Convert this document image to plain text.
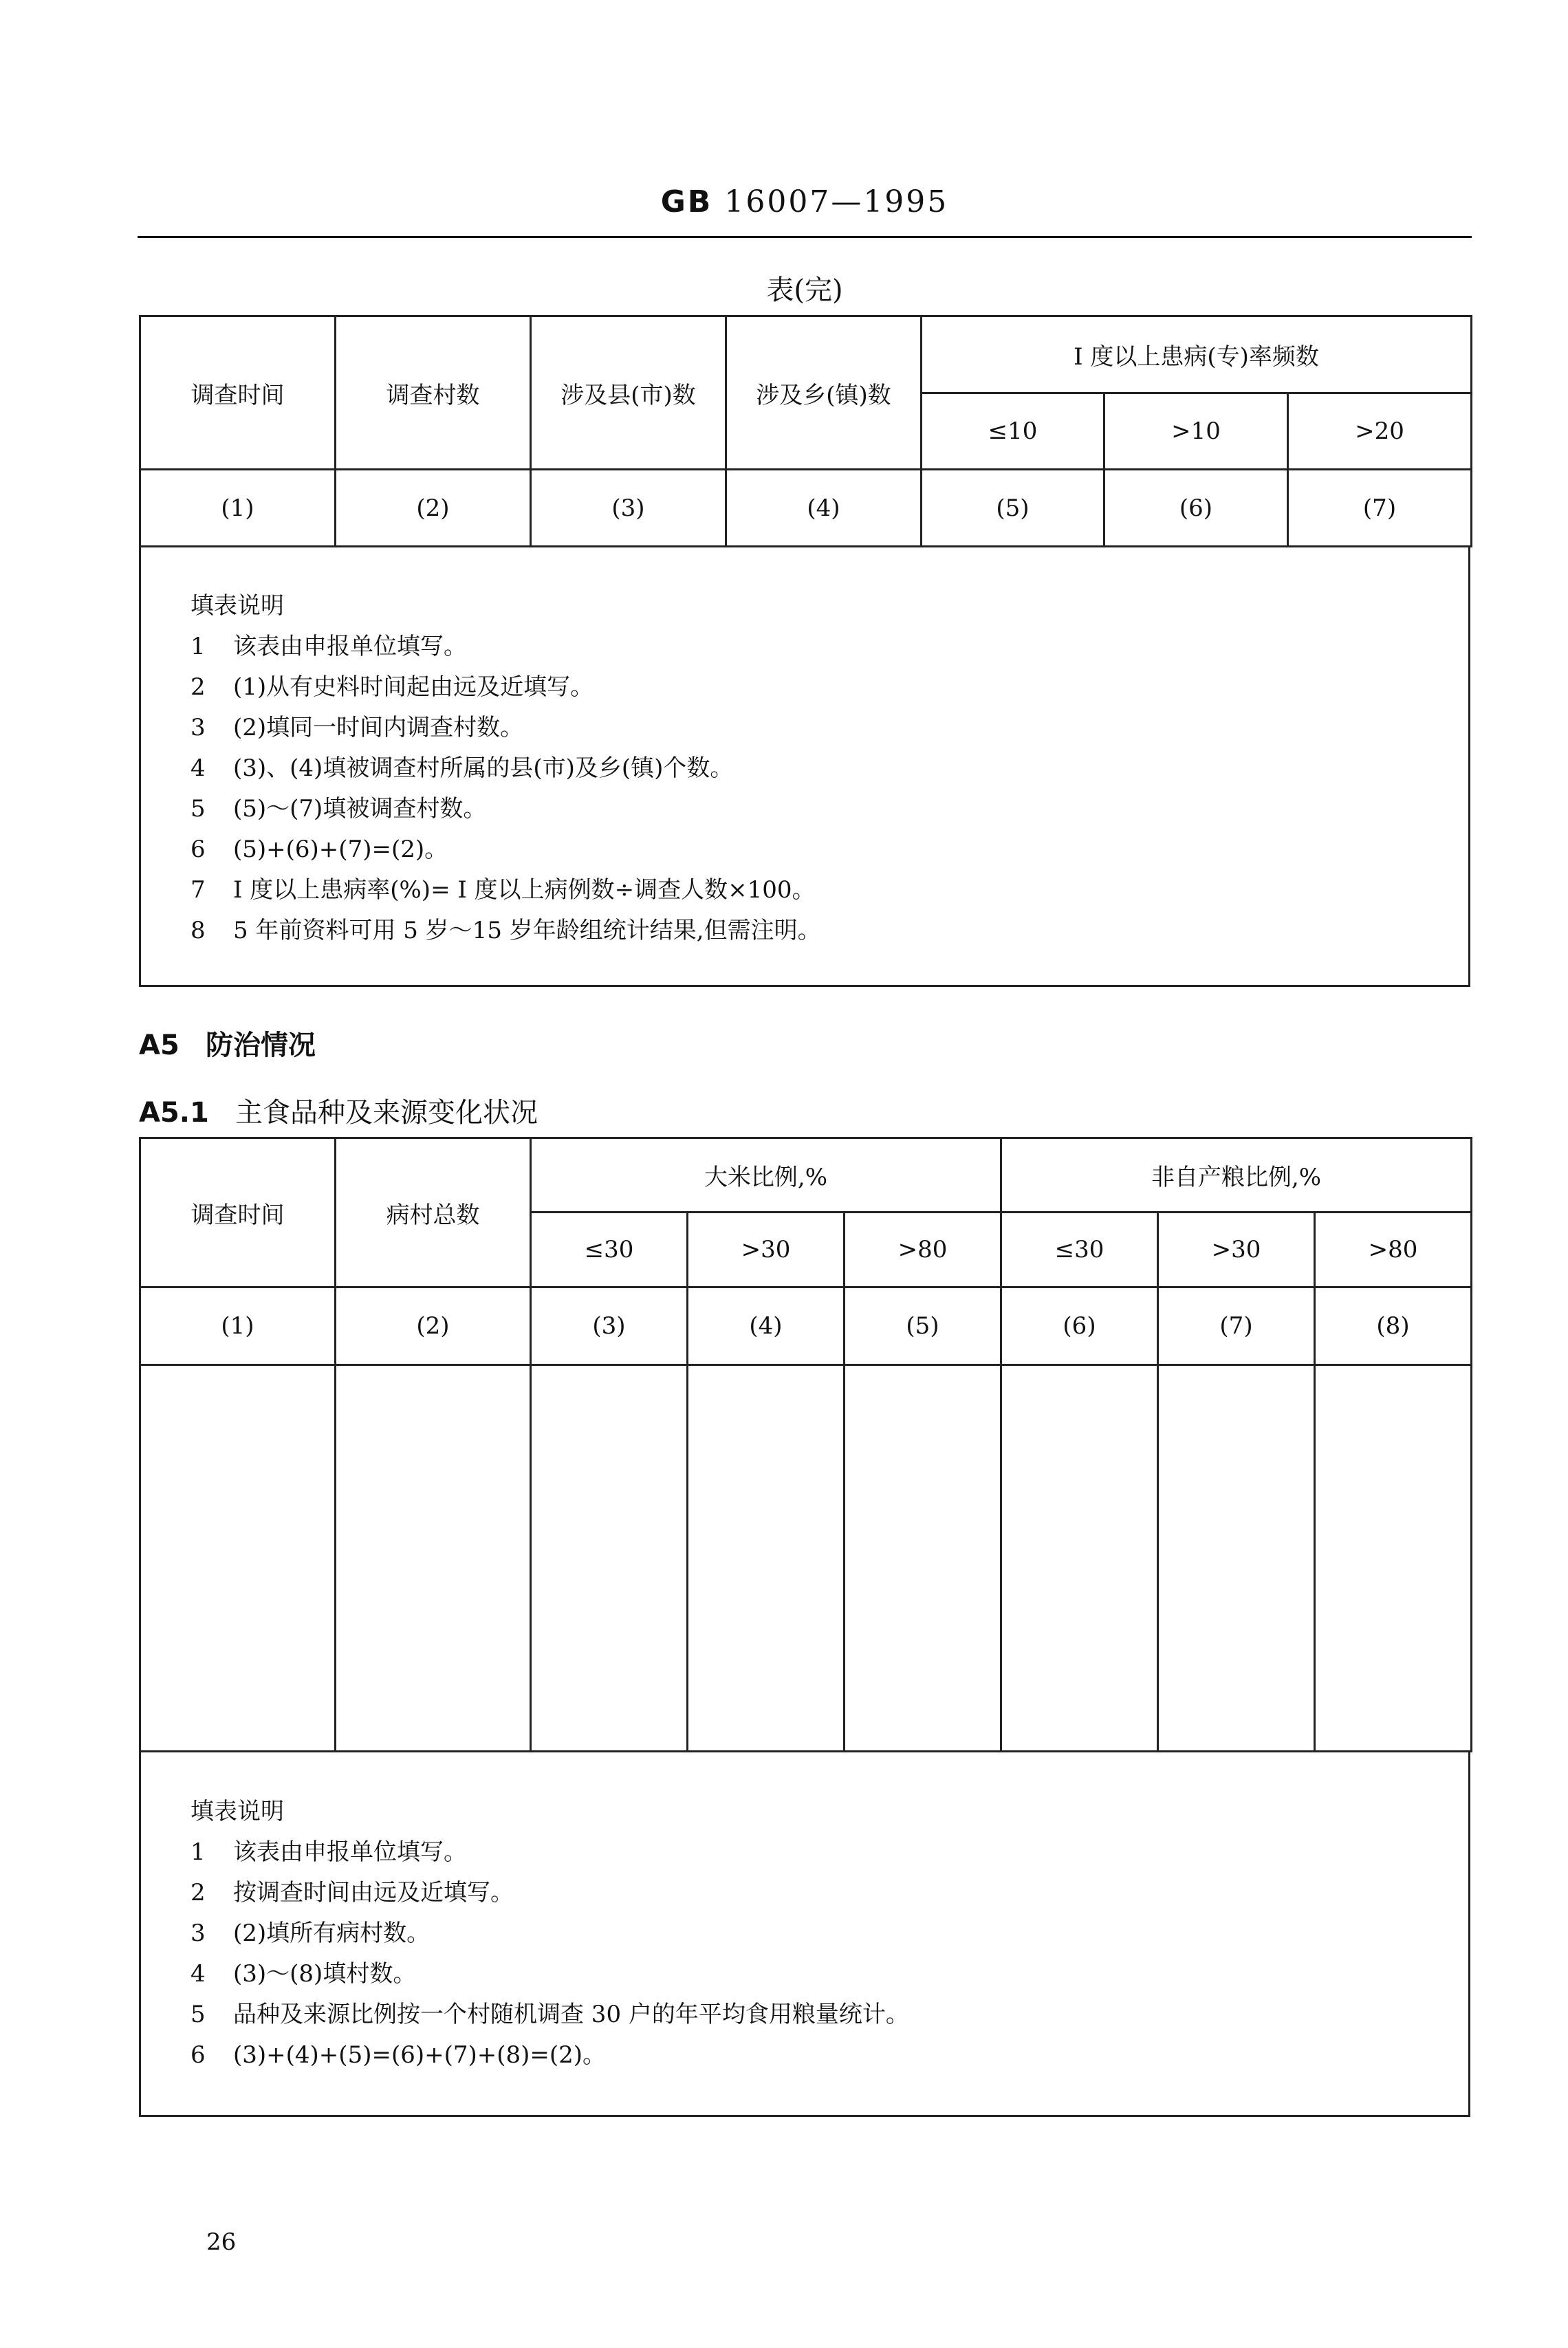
GB 16007—1995
表(完)
调查时间	调查村数	涉及县(市)数	涉及乡(镇)数	I 度以上患病(专)率频数		
				≤10	>10	>20
(1)	(2)	(3)	(4)	(5)	(6)	(7)
填表说明
1 该表由申报单位填写。
2 (1)从有史料时间起由远及近填写。
3 (2)填同一时间内调查村数。
4 (3)、(4)填被调查村所属的县(市)及乡(镇)个数。
5 (5)～(7)填被调查村数。
6 (5)+(6)+(7)=(2)。
7 I 度以上患病率(%)= I 度以上病例数÷调查人数×100。
8 5 年前资料可用 5 岁～15 岁年龄组统计结果,但需注明。
A5 防治情况
A5.1 主食品种及来源变化状况
调查时间	病村总数	大米比例,%			非自产粮比例,%		
		≤30	>30	>80	≤30	>30	>80
(1)	(2)	(3)	(4)	(5)	(6)	(7)	(8)

填表说明
1 该表由申报单位填写。
2 按调查时间由远及近填写。
3 (2)填所有病村数。
4 (3)～(8)填村数。
5 品种及来源比例按一个村随机调查 30 户的年平均食用粮量统计。
6 (3)+(4)+(5)=(6)+(7)+(8)=(2)。
26
